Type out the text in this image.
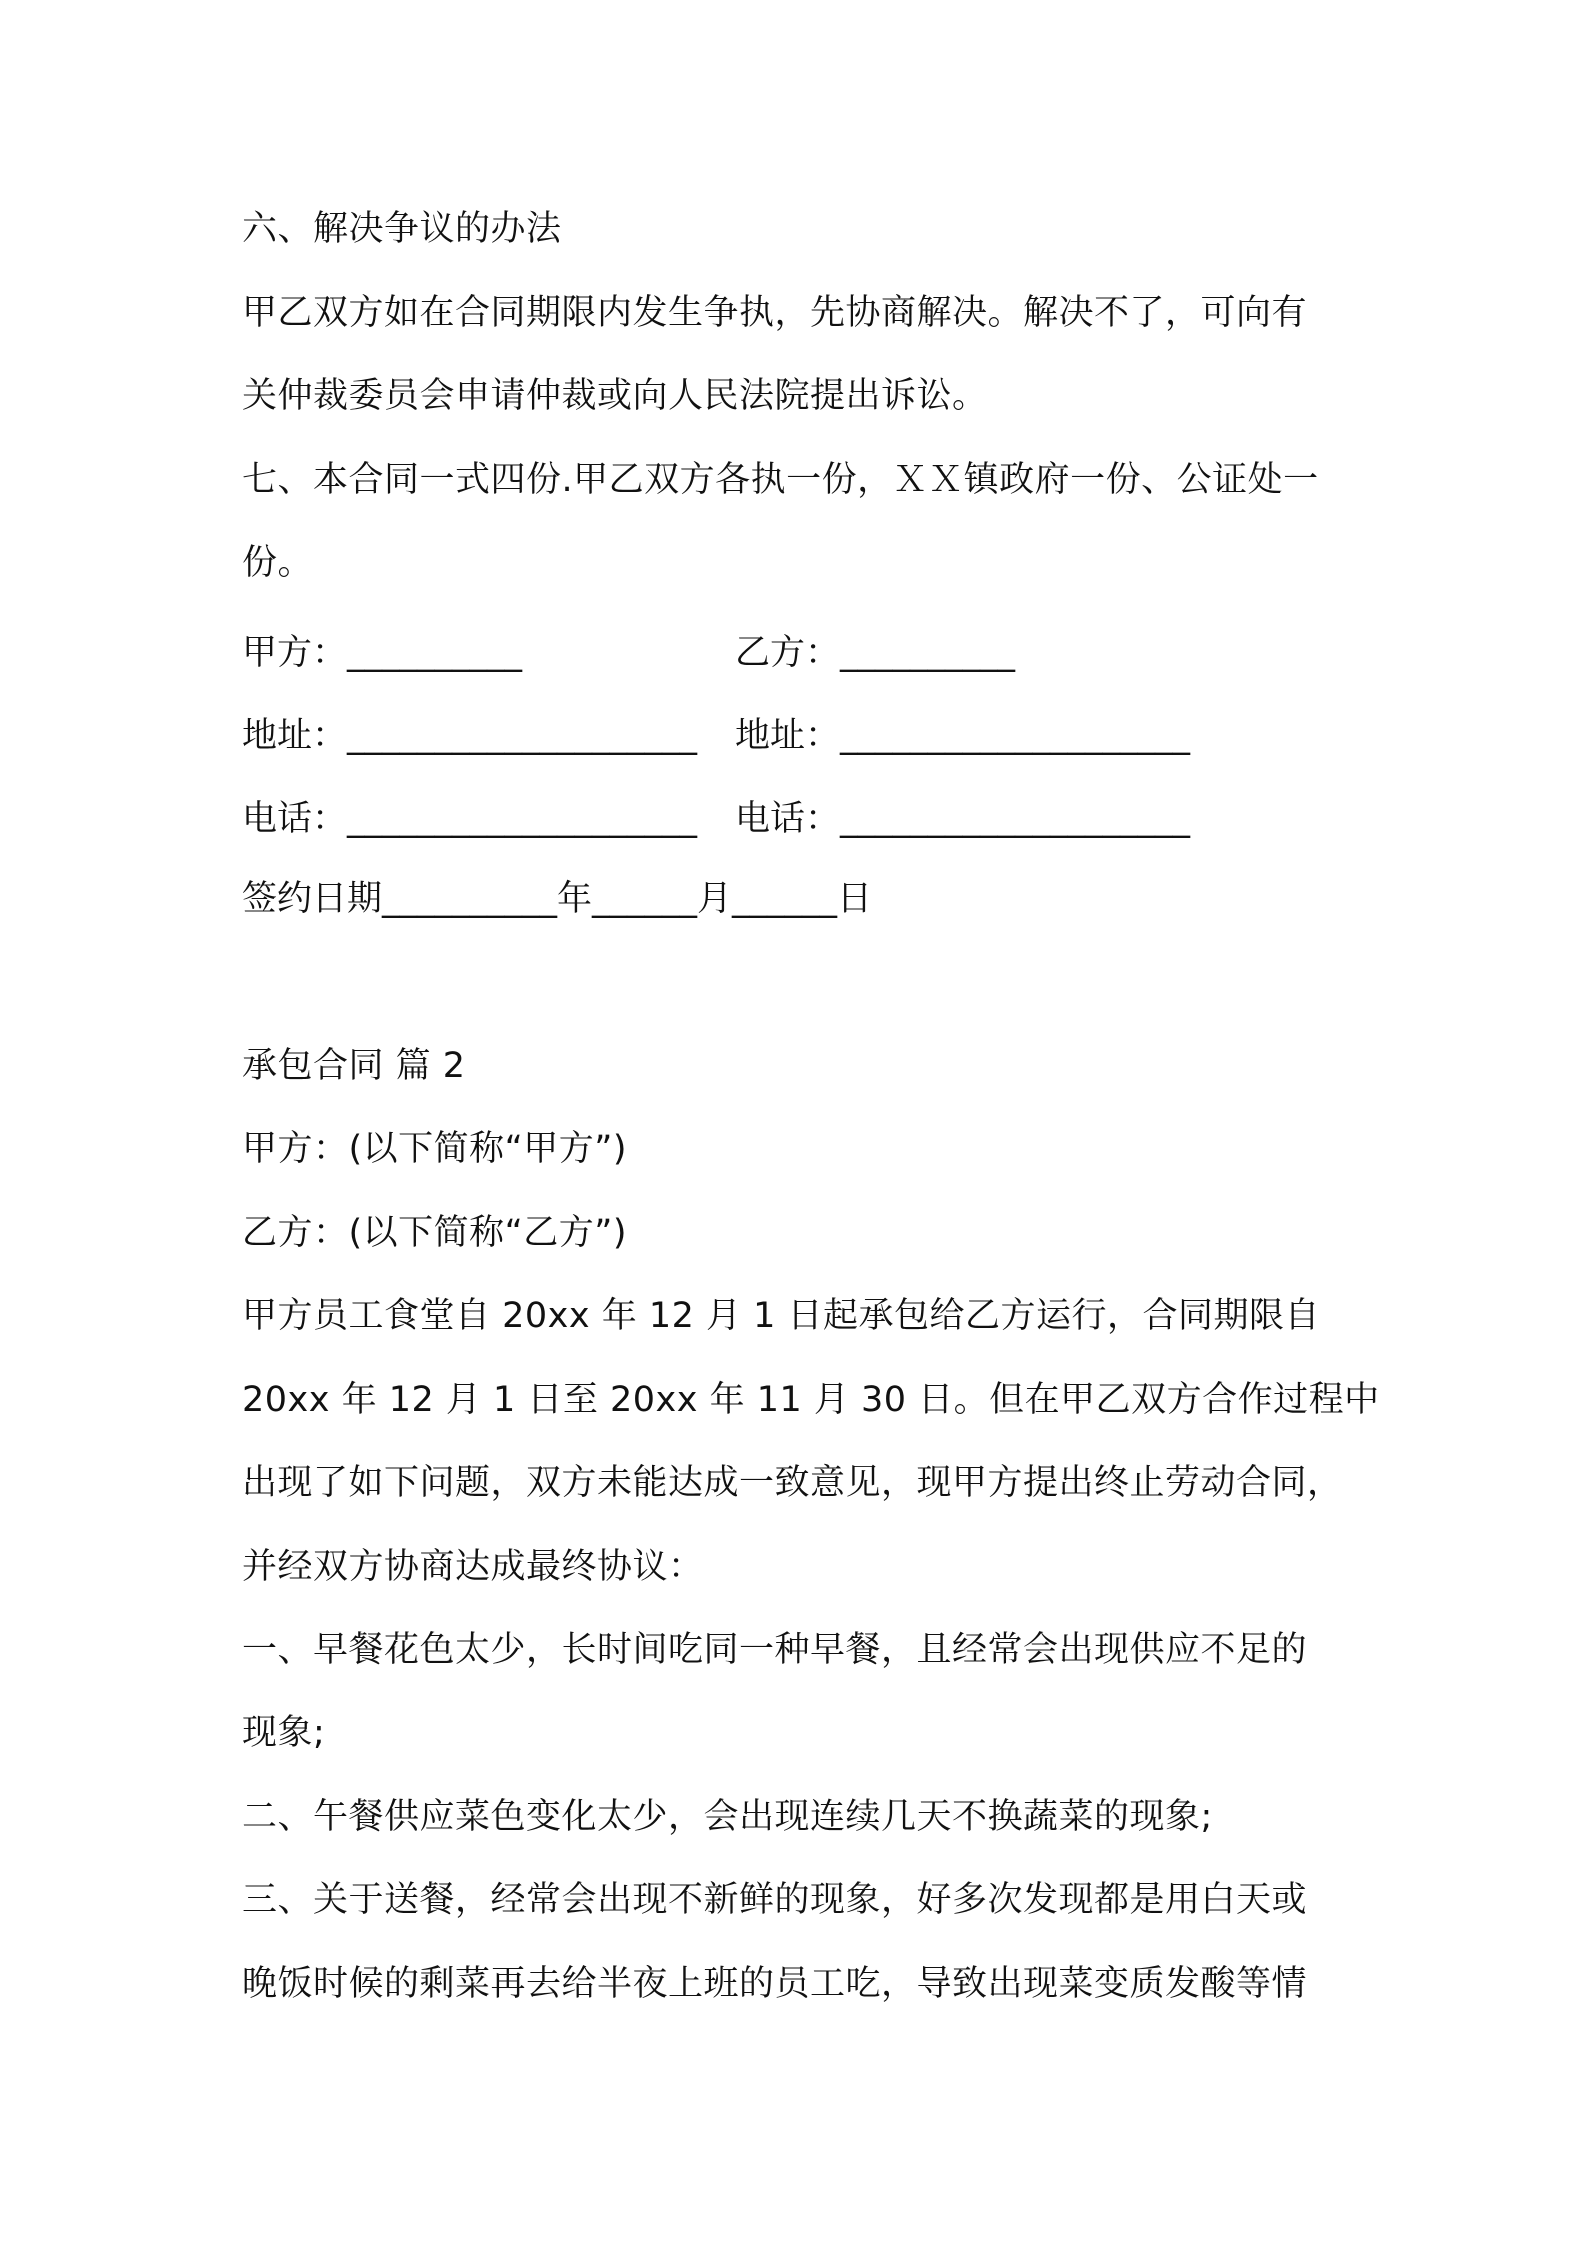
六、解决争议的办法
甲乙双方如在合同期限内发生争执，先协商解决。解决不了，可向有
关仲裁委员会申请仲裁或向人民法院提出诉讼。
七、本合同一式四份.甲乙双方各执一份，ＸＸ镇政府一份、公证处一
份。
甲方：__________	乙方：__________
地址：____________________ 地址：____________________
电话：____________________ 电话：____________________
签约日期__________年______月______日
承包合同 篇 2
甲方：(以下简称“甲方”)
乙方：(以下简称“乙方”)
甲方员工食堂自 20xx 年 12 月 1 日起承包给乙方运行，合同期限自
20xx 年 12 月 1 日至 20xx 年 11 月 30 日。但在甲乙双方合作过程中
出现了如下问题，双方未能达成一致意见，现甲方提出终止劳动合同，
并经双方协商达成最终协议：
一、早餐花色太少，长时间吃同一种早餐，且经常会出现供应不足的
现象;
二、午餐供应菜色变化太少，会出现连续几天不换蔬菜的现象;
三、关于送餐，经常会出现不新鲜的现象，好多次发现都是用白天或
晚饭时候的剩菜再去给半夜上班的员工吃，导致出现菜变质发酸等情
